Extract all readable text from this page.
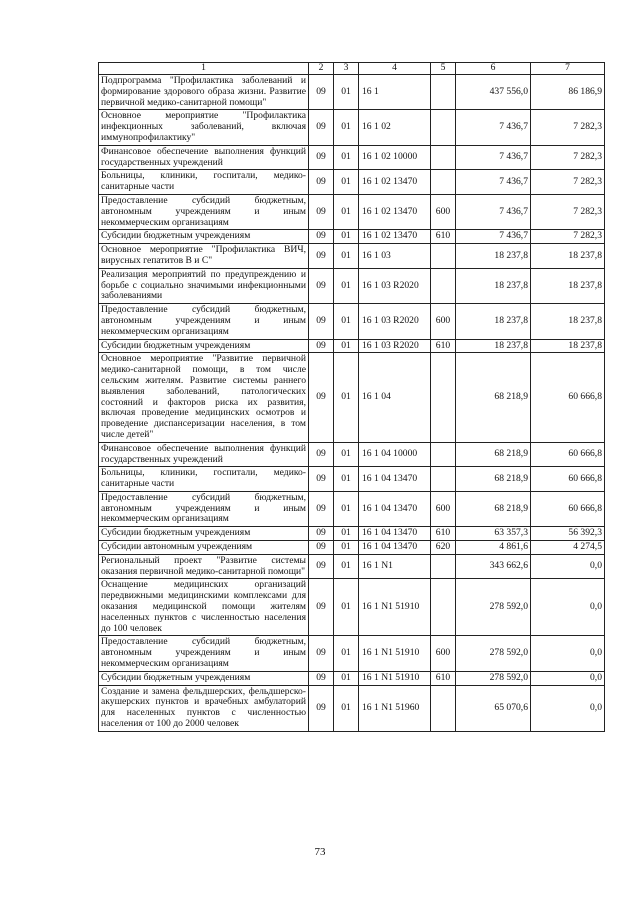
1	2	3	4	5	6	7
Подпрограмма "Профилактика заболеваний и формирование здорового образа жизни. Развитие первичной медико-санитарной помощи"	09	01	16 1		437 556,0	86 186,9
Основное мероприятие "Профилактика инфекционных заболеваний, включая иммунопрофилактику"	09	01	16 1 02		7 436,7	7 282,3
Финансовое обеспечение выполнения функций государственных учреждений	09	01	16 1 02 10000		7 436,7	7 282,3
Больницы, клиники, госпитали, медико-санитарные части	09	01	16 1 02 13470		7 436,7	7 282,3
Предоставление субсидий бюджетным, автономным учреждениям и иным некоммерческим организациям	09	01	16 1 02 13470	600	7 436,7	7 282,3
Субсидии бюджетным учреждениям	09	01	16 1 02 13470	610	7 436,7	7 282,3
Основное мероприятие "Профилактика ВИЧ, вирусных гепатитов В и С"	09	01	16 1 03		18 237,8	18 237,8
Реализация мероприятий по предупреждению и борьбе с социально значимыми инфекционными заболеваниями	09	01	16 1 03 R2020		18 237,8	18 237,8
Предоставление субсидий бюджетным, автономным учреждениям и иным некоммерческим организациям	09	01	16 1 03 R2020	600	18 237,8	18 237,8
Субсидии бюджетным учреждениям	09	01	16 1 03 R2020	610	18 237,8	18 237,8
Основное мероприятие "Развитие первичной медико-санитарной помощи, в том числе сельским жителям. Развитие системы раннего выявления заболеваний, патологических состояний и факторов риска их развития, включая проведение медицинских осмотров и проведение диспансеризации населения, в том числе детей"	09	01	16 1 04		68 218,9	60 666,8
Финансовое обеспечение выполнения функций государственных учреждений	09	01	16 1 04 10000		68 218,9	60 666,8
Больницы, клиники, госпитали, медико-санитарные части	09	01	16 1 04 13470		68 218,9	60 666,8
Предоставление субсидий бюджетным, автономным учреждениям и иным некоммерческим организациям	09	01	16 1 04 13470	600	68 218,9	60 666,8
Субсидии бюджетным учреждениям	09	01	16 1 04 13470	610	63 357,3	56 392,3
Субсидии автономным учреждениям	09	01	16 1 04 13470	620	4 861,6	4 274,5
Региональный проект "Развитие системы оказания первичной медико-санитарной помощи"	09	01	16 1 N1		343 662,6	0,0
Оснащение медицинских организаций передвижными медицинскими комплексами для оказания медицинской помощи жителям населенных пунктов с численностью населения до 100 человек	09	01	16 1 N1 51910		278 592,0	0,0
Предоставление субсидий бюджетным, автономным учреждениям и иным некоммерческим организациям	09	01	16 1 N1 51910	600	278 592,0	0,0
Субсидии бюджетным учреждениям	09	01	16 1 N1 51910	610	278 592,0	0,0
Создание и замена фельдшерских, фельдшерско-акушерских пунктов и врачебных амбулаторий для населенных пунктов с численностью населения от 100 до 2000 человек	09	01	16 1 N1 51960		65 070,6	0,0
73
